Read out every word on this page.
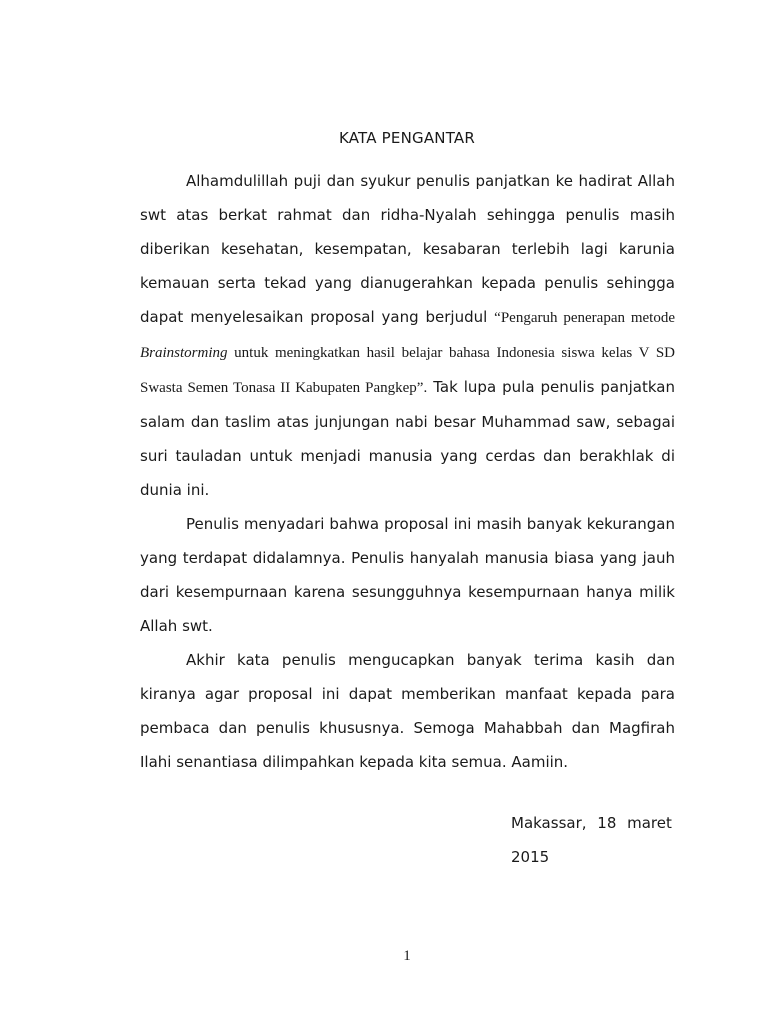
KATA PENGANTAR

Alhamdulillah puji dan syukur penulis panjatkan ke hadirat Allah swt atas berkat rahmat dan ridha-Nyalah sehingga penulis masih diberikan kesehatan, kesempatan, kesabaran terlebih lagi karunia kemauan serta tekad yang dianugerahkan kepada penulis sehingga dapat menyelesaikan proposal yang berjudul “Pengaruh penerapan metode Brainstorming untuk meningkatkan hasil belajar bahasa Indonesia siswa kelas V SD Swasta Semen Tonasa II Kabupaten Pangkep”. Tak lupa pula penulis panjatkan salam dan taslim atas junjungan nabi besar Muhammad saw, sebagai suri tauladan untuk menjadi manusia yang cerdas dan berakhlak di dunia ini.

Penulis menyadari bahwa proposal ini masih banyak kekurangan yang terdapat didalamnya. Penulis hanyalah manusia biasa yang jauh dari kesempurnaan karena sesungguhnya kesempurnaan hanya milik Allah swt.

Akhir kata penulis mengucapkan banyak terima kasih dan kiranya agar proposal ini dapat memberikan manfaat kepada para pembaca dan penulis khususnya. Semoga Mahabbah dan Magfirah Ilahi senantiasa dilimpahkan kepada kita semua. Aamiin.

Makassar, 18 maret
2015
1
